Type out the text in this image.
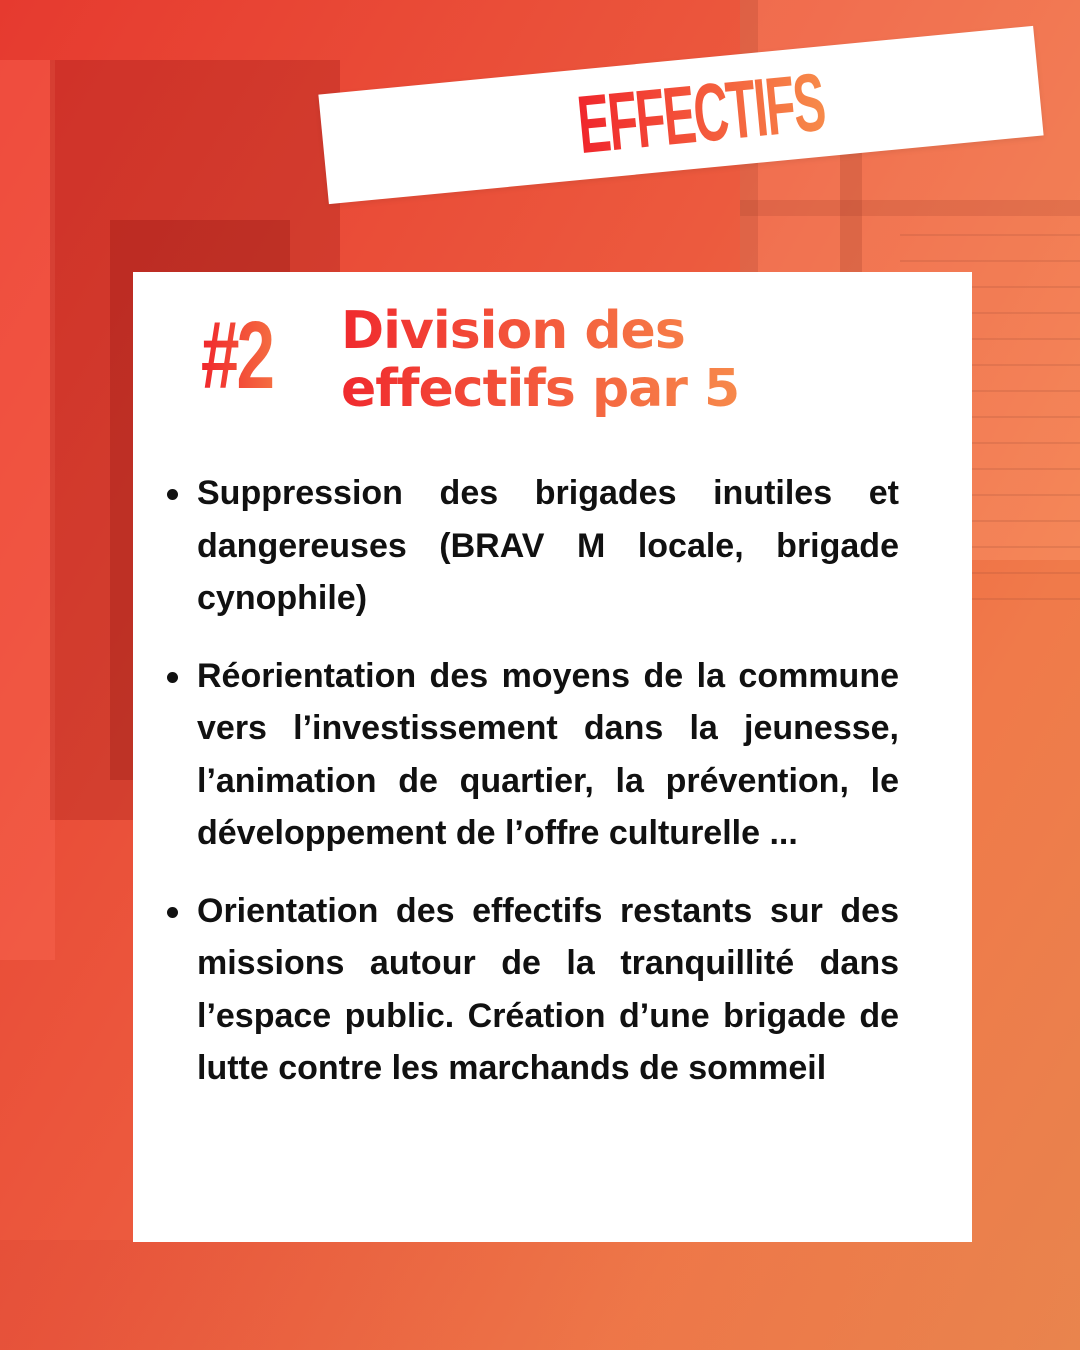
EFFECTIFS
#2	Division des
effectifs par 5
Suppression des brigades inutiles et dangereuses (BRAV M locale, brigade cynophile)
Réorientation des moyens de la commune vers l’investissement dans la jeunesse, l’animation de quartier, la prévention, le développement de l’offre culturelle ...
Orientation des effectifs restants sur des missions autour de la tranquillité dans l’espace public. Création d’une brigade de lutte contre les marchands de sommeil
